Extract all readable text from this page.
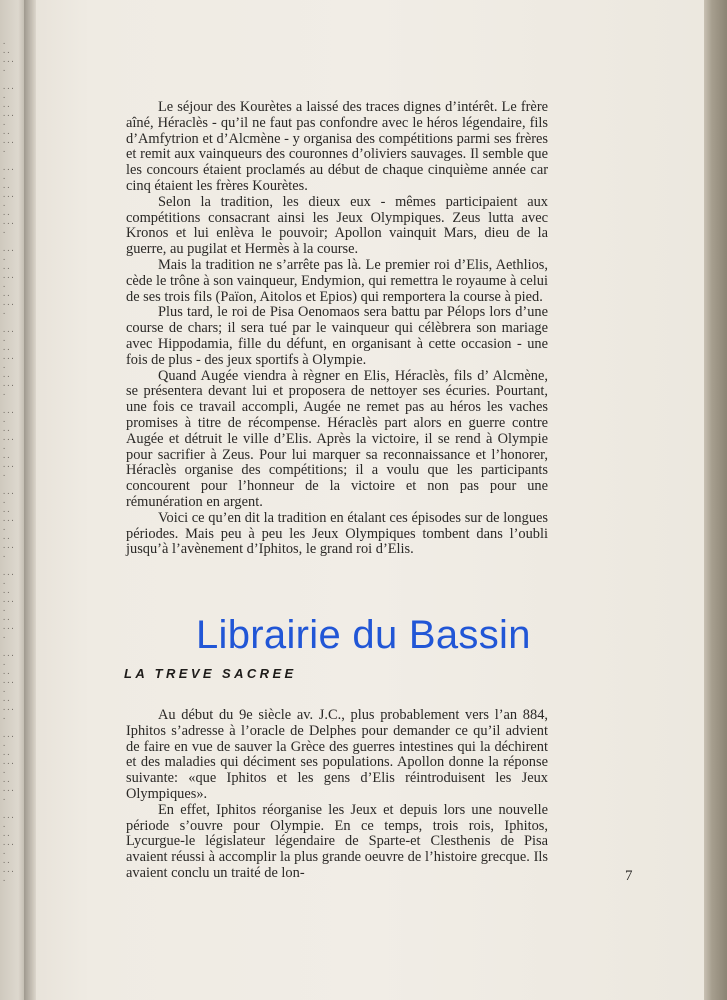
·
··
···
·

···
·
··
···
·
··
···
·

···
·
··
···
·
··
···
·

···
·
··
···
·
··
···
·

···
·
··
···
·
··
···
·

···
·
··
···
·
··
···
·

···
·
··
···
·
··
···
·

···
·
··
···
·
··
···
·

···
·
··
···
·
··
···
·

···
·
··
···
·
··
···
·

···
·
··
···
·
··
···
·

Le séjour des Kourètes a laissé des traces dignes d’intérêt. Le frère aîné, Héraclès - qu’il ne faut pas confondre avec le héros légendaire, fils d’Amfytrion et d’Alcmène - y organisa des compétitions parmi ses frères et remit aux vainqueurs des couronnes d’oliviers sauvages. Il semble que les concours étaient proclamés au début de chaque cinquième année car cinq étaient les frères Kourètes.

Selon la tradition, les dieux eux - mêmes participaient aux compétitions consacrant ainsi les Jeux Olympiques. Zeus lutta avec Kronos et lui enlèva le pouvoir; Apollon vainquit Mars, dieu de la guerre, au pugilat et Hermès à la course.

Mais la tradition ne s’arrête pas là. Le premier roi d’Elis, Aethlios, cède le trône à son vainqueur, Endymion, qui remettra le royaume à celui de ses trois fils (Païon, Aitolos et Epios) qui remportera la course à pied.

Plus tard, le roi de Pisa Oenomaos sera battu par Pélops lors d’une course de chars; il sera tué par le vainqueur qui célèbrera son mariage avec Hippodamia, fille du défunt, en organisant à cette occasion - une fois de plus - des jeux sportifs à Olympie.

Quand Augée viendra à règner en Elis, Héraclès, fils d’ Alcmène, se présentera devant lui et proposera de nettoyer ses écuries. Pourtant, une fois ce travail accompli, Augée ne remet pas au héros les vaches promises à titre de récompense. Héraclès part alors en guerre contre Augée et détruit le ville d’Elis. Après la victoire, il se rend à Olympie pour sacrifier à Zeus. Pour lui marquer sa reconnaissance et l’honorer, Héraclès organise des compétitions; il a voulu que les participants concourent pour l’honneur de la victoire et non pas pour une rémunération en argent.

Voici ce qu’en dit la tradition en étalant ces épisodes sur de longues périodes. Mais peu à peu les Jeux Olympiques tombent dans l’oubli jusqu’à l’avènement d’Iphitos, le grand roi d’Elis.

LA TREVE SACREE

Au début du 9e siècle av. J.C., plus probablement vers l’an 884, Iphitos s’adresse à l’oracle de Delphes pour demander ce qu’il advient de faire en vue de sauver la Grèce des guerres intestines qui la déchirent et des maladies qui déciment ses populations. Apollon donne la réponse suivante: «que Iphitos et les gens d’Elis réintroduisent les Jeux Olympiques».

En effet, Iphitos réorganise les Jeux et depuis lors une nouvelle période s’ouvre pour Olympie. En ce temps, trois rois, Iphitos, Lycurgue-le législateur légendaire de Sparte-et Clesthenis de Pisa avaient réussi à accomplir la plus grande oeuvre de l’histoire grecque. Ils avaient conclu un traité de lon-

Librairie du Bassin
7
